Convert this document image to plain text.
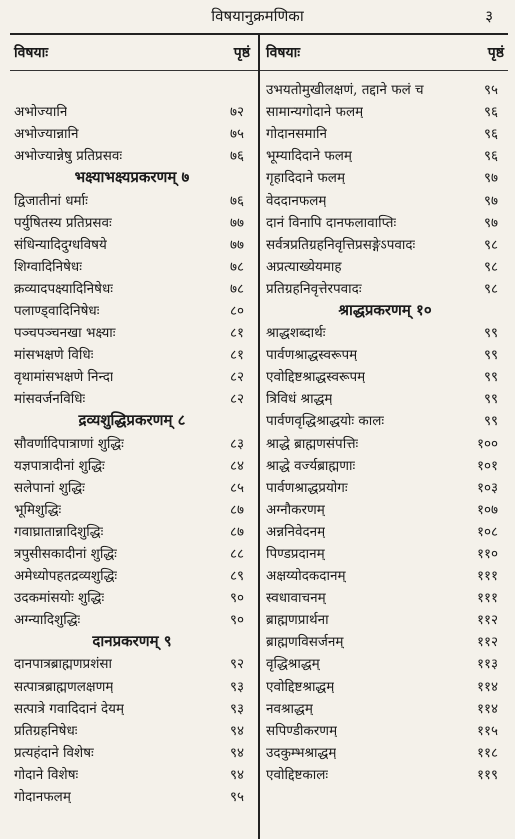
विषयानुक्रमणिका	३
विषयाः	पृष्ठं
अभोज्यानि	७२
अभोज्यान्नानि	७५
अभोज्यान्नेषु प्रतिप्रसवः	७६
भक्ष्याभक्ष्यप्रकरणम् ७
द्विजातीनां धर्माः	७६
पर्युषितस्य प्रतिप्रसवः	७७
संधिन्यादिदुग्धविषये	७७
शिग्वादिनिषेधः	७८
क्रव्यादपक्ष्यादिनिषेधः	७८
पलाण्ड्वादिनिषेधः	८०
पञ्चपञ्चनखा भक्ष्याः	८१
मांसभक्षणे विधिः	८१
वृथामांसभक्षणे निन्दा	८२
मांसवर्जनविधिः	८२
द्रव्यशुद्धिप्रकरणम् ८
सौवर्णादिपात्राणां शुद्धिः	८३
यज्ञपात्रादीनां शुद्धिः	८४
सलेपानां शुद्धिः	८५
भूमिशुद्धिः	८७
गवाघ्रातान्नादिशुद्धिः	८७
त्रपुसीसकादीनां शुद्धिः	८८
अमेध्योपहतद्रव्यशुद्धिः	८९
उदकमांसयोः शुद्धिः	९०
अग्न्यादिशुद्धिः	९०
दानप्रकरणम् ९
दानपात्रब्राह्मणप्रशंसा	९२
सत्पात्रब्राह्मणलक्षणम्	९३
सत्पात्रे गवादिदानं देयम्	९३
प्रतिग्रहनिषेधः	९४
प्रत्यहंदाने विशेषः	९४
गोदाने विशेषः	९४
गोदानफलम्	९५
विषयाः	पृष्ठं
उभयतोमुखीलक्षणं, तद्दाने फलं च	९५
सामान्यगोदाने फलम्	९६
गोदानसमानि	९६
भूम्यादिदाने फलम्	९६
गृहादिदाने फलम्	९७
वेददानफलम्	९७
दानं विनापि दानफलावाप्तिः	९७
सर्वत्रप्रतिग्रहनिवृत्तिप्रसङ्गेऽपवादः	९८
अप्रत्याख्येयमाह	९८
प्रतिग्रहनिवृत्तेरपवादः	९८
श्राद्धप्रकरणम् १०
श्राद्धशब्दार्थः	९९
पार्वणश्राद्धस्वरूपम्	९९
एवोद्दिष्टश्राद्धस्वरूपम्	९९
त्रिविधं श्राद्धम्	९९
पार्वणवृद्धिश्राद्धयोः कालः	९९
श्राद्धे ब्राह्मणसंपत्तिः	१००
श्राद्धे वर्ज्यब्राह्मणाः	१०१
पार्वणश्राद्धप्रयोगः	१०३
अग्नौकरणम्	१०७
अन्ननिवेदनम्	१०८
पिण्डप्रदानम्	११०
अक्षय्योदकदानम्	१११
स्वधावाचनम्	१११
ब्राह्मणप्रार्थना	११२
ब्राह्मणविसर्जनम्	११२
वृद्धिश्राद्धम्	११३
एवोद्दिष्टश्राद्धम्	११४
नवश्राद्धम्	११४
सपिण्डीकरणम्	११५
उदकुम्भश्राद्धम्	११८
एवोद्दिष्टकालः	११९
